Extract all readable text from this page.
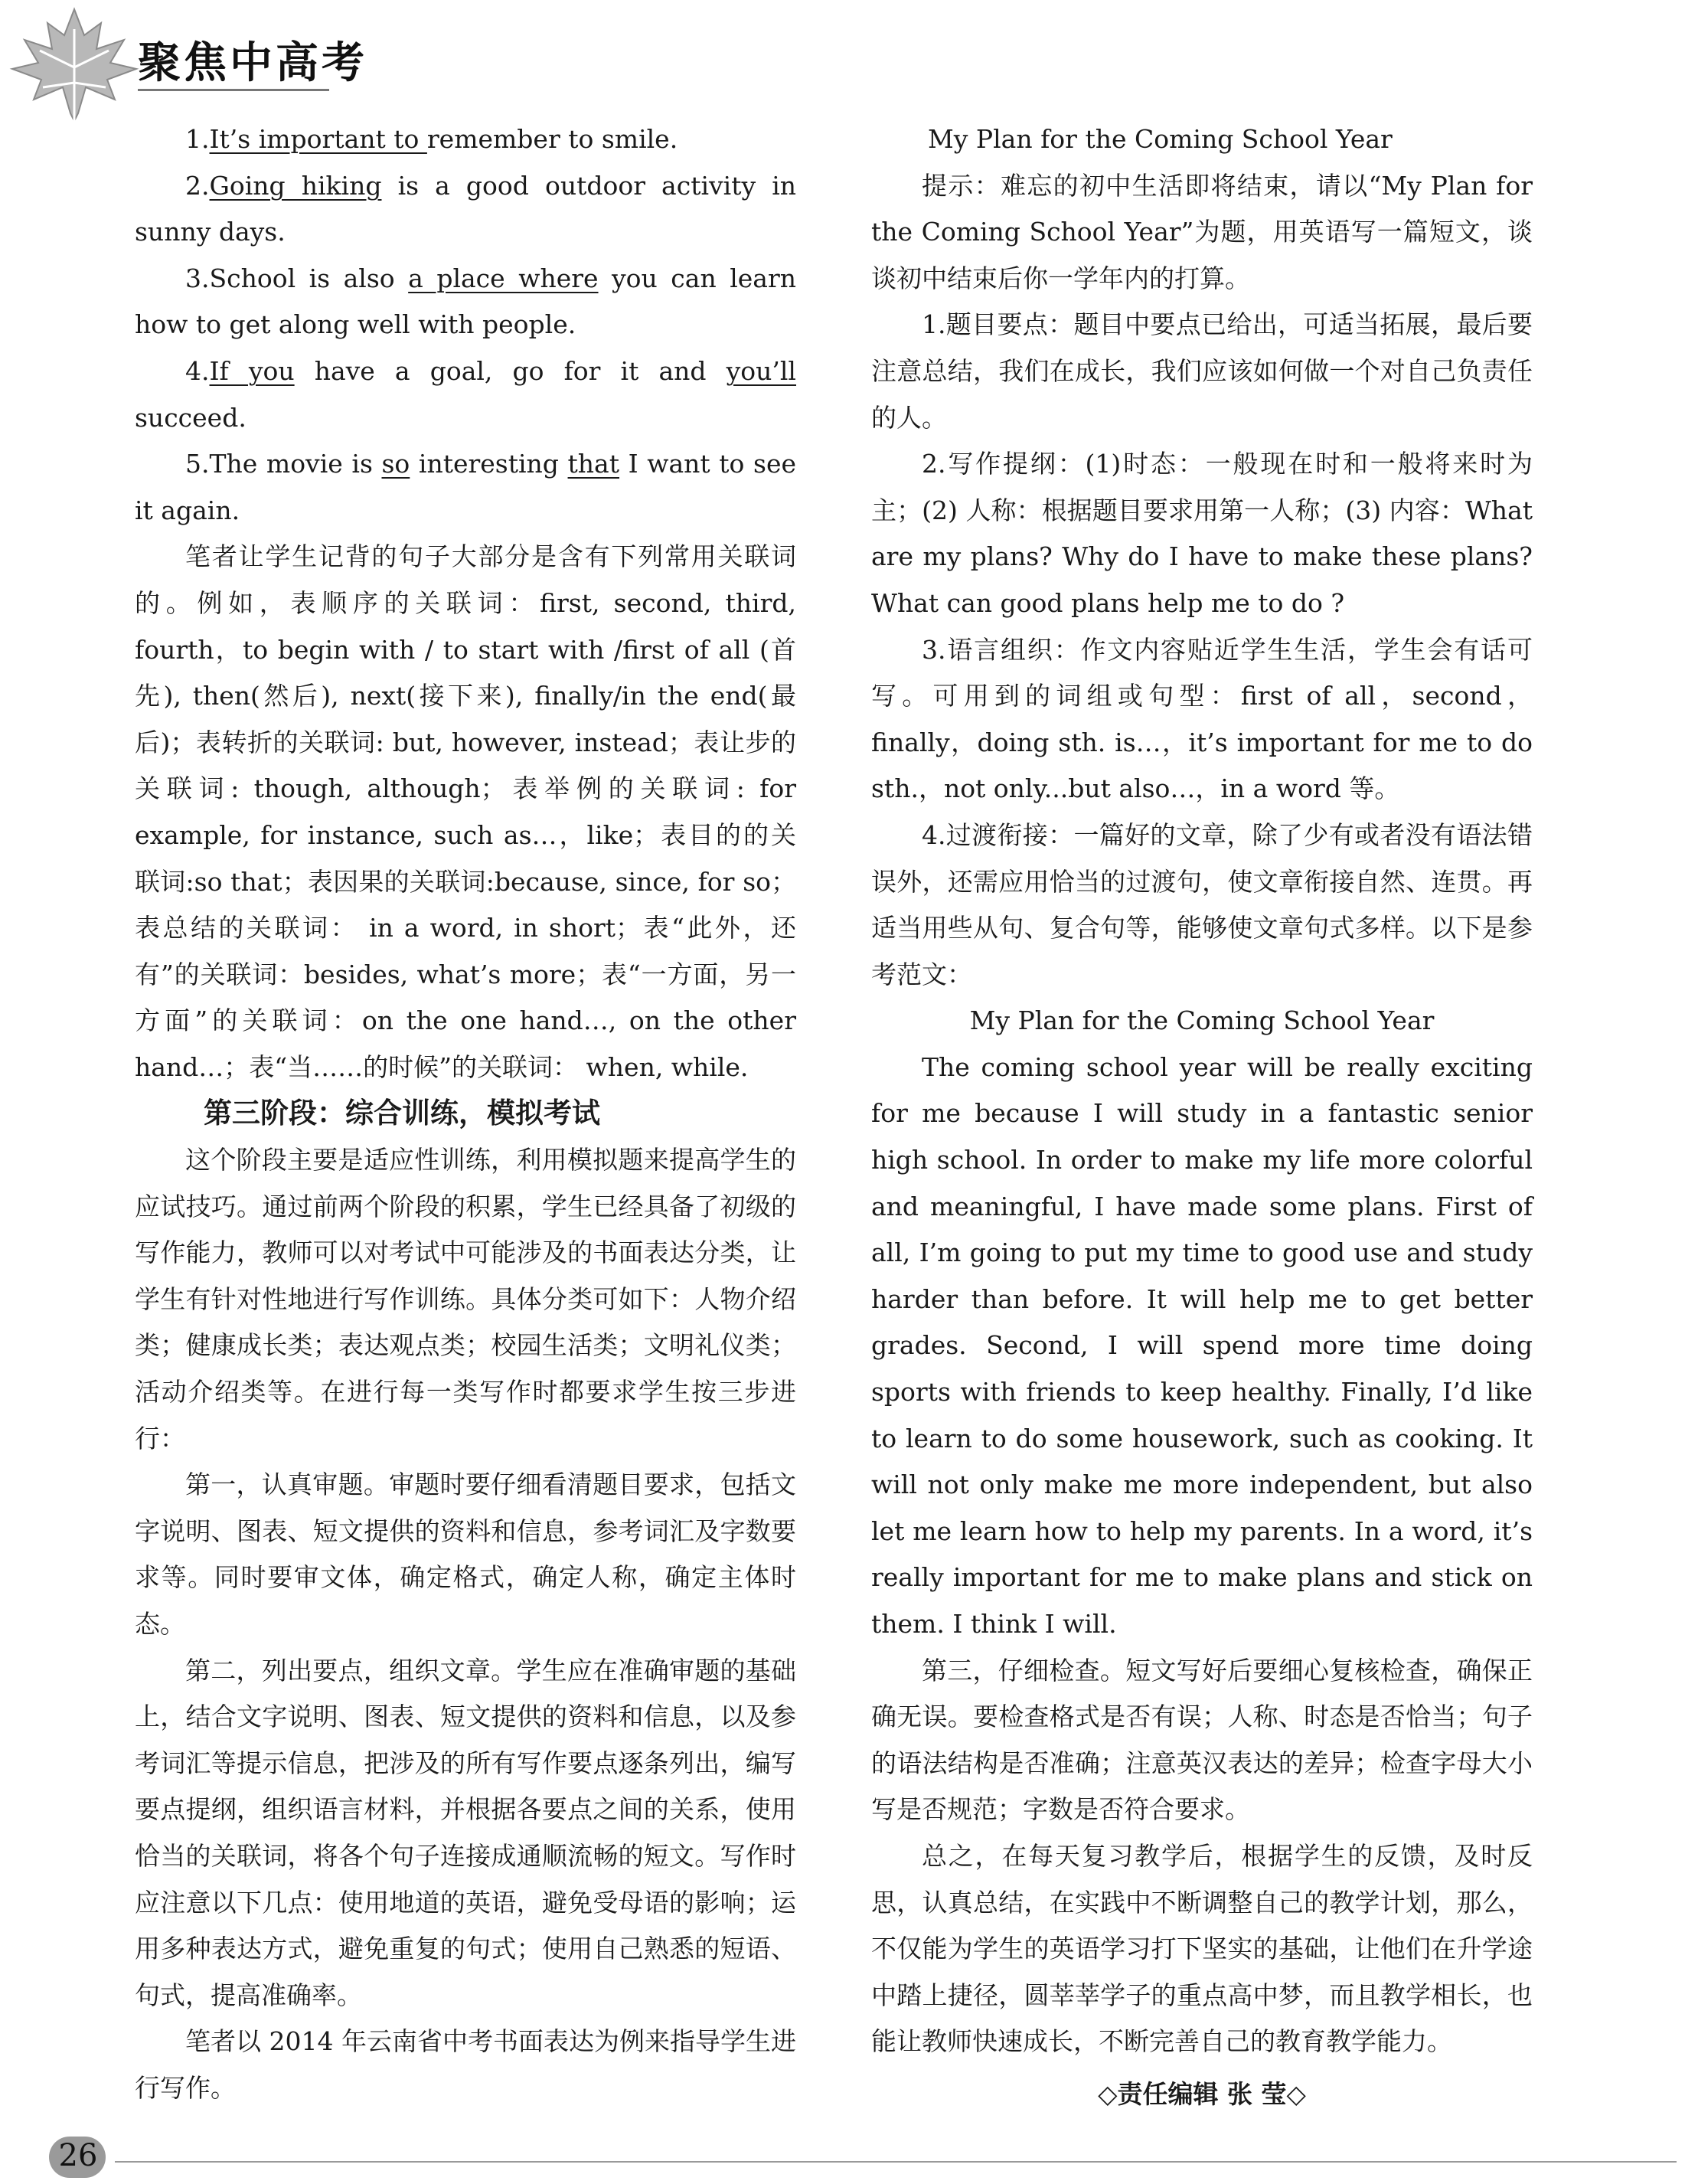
聚焦中高考

1.It’s important to remember to smile.

2.Going hiking is a good outdoor activity in sunny days.

3.School is also a place where you can learn how to get along well with people.

4.If you have a goal, go for it and you’ll succeed.

5.The movie is so interesting that I want to see it again.

笔者让学生记背的句子大部分是含有下列常用关联词的。例如，表顺序的关联词：first, second, third, fourth，to begin with / to start with /first of all (首先), then(然后), next(接下来), finally/in the end(最后)；表转折的关联词: but, however, instead；表让步的关联词: though, although；表举例的关联词: for example, for instance, such as…，like；表目的的关联词:so that；表因果的关联词:because, since, for so； 表总结的关联词： in a word, in short；表“此外，还有”的关联词：besides, what’s more；表“一方面，另一方面”的关联词：on the one hand…, on the other hand…；表“当……的时候”的关联词： when, while.

第三阶段：综合训练，模拟考试

这个阶段主要是适应性训练，利用模拟题来提高学生的应试技巧。通过前两个阶段的积累，学生已经具备了初级的写作能力，教师可以对考试中可能涉及的书面表达分类，让学生有针对性地进行写作训练。具体分类可如下：人物介绍类；健康成长类；表达观点类；校园生活类；文明礼仪类；活动介绍类等。在进行每一类写作时都要求学生按三步进行：

第一，认真审题。审题时要仔细看清题目要求，包括文字说明、图表、短文提供的资料和信息，参考词汇及字数要求等。同时要审文体，确定格式，确定人称，确定主体时态。

第二，列出要点，组织文章。学生应在准确审题的基础上，结合文字说明、图表、短文提供的资料和信息，以及参考词汇等提示信息，把涉及的所有写作要点逐条列出，编写要点提纲，组织语言材料，并根据各要点之间的关系，使用恰当的关联词，将各个句子连接成通顺流畅的短文。写作时应注意以下几点：使用地道的英语，避免受母语的影响；运用多种表达方式，避免重复的句式；使用自己熟悉的短语、句式，提高准确率。

笔者以 2014 年云南省中考书面表达为例来指导学生进行写作。

My Plan for the Coming School Year

提示：难忘的初中生活即将结束，请以“My Plan for the Coming School Year”为题，用英语写一篇短文，谈谈初中结束后你一学年内的打算。

1.题目要点：题目中要点已给出，可适当拓展，最后要注意总结，我们在成长，我们应该如何做一个对自己负责任的人。

2.写作提纲：(1)时态：一般现在时和一般将来时为主；(2) 人称：根据题目要求用第一人称；(3) 内容：What are my plans? Why do I have to make these plans? What can good plans help me to do ?

3.语言组织：作文内容贴近学生生活，学生会有话可写。可用到的词组或句型：first of all，second，finally，doing sth. is…，it’s important for me to do sth.，not only...but also…，in a word 等。

4.过渡衔接：一篇好的文章，除了少有或者没有语法错误外，还需应用恰当的过渡句，使文章衔接自然、连贯。再适当用些从句、复合句等，能够使文章句式多样。以下是参考范文：

My Plan for the Coming School Year

The coming school year will be really exciting for me because I will study in a fantastic senior high school. In order to make my life more colorful and meaningful, I have made some plans. First of all, I’m going to put my time to good use and study harder than before. It will help me to get better grades. Second, I will spend more time doing sports with friends to keep healthy. Finally, I’d like to learn to do some housework, such as cooking. It will not only make me more independent, but also let me learn how to help my parents. In a word, it’s really important for me to make plans and stick on them. I think I will.

第三，仔细检查。短文写好后要细心复核检查，确保正确无误。要检查格式是否有误；人称、时态是否恰当；句子的语法结构是否准确；注意英汉表达的差异；检查字母大小写是否规范；字数是否符合要求。

总之，在每天复习教学后，根据学生的反馈，及时反思，认真总结，在实践中不断调整自己的教学计划，那么，不仅能为学生的英语学习打下坚实的基础，让他们在升学途中踏上捷径，圆莘莘学子的重点高中梦，而且教学相长，也能让教师快速成长，不断完善自己的教育教学能力。

◇责任编辑 张 莹◇

26
